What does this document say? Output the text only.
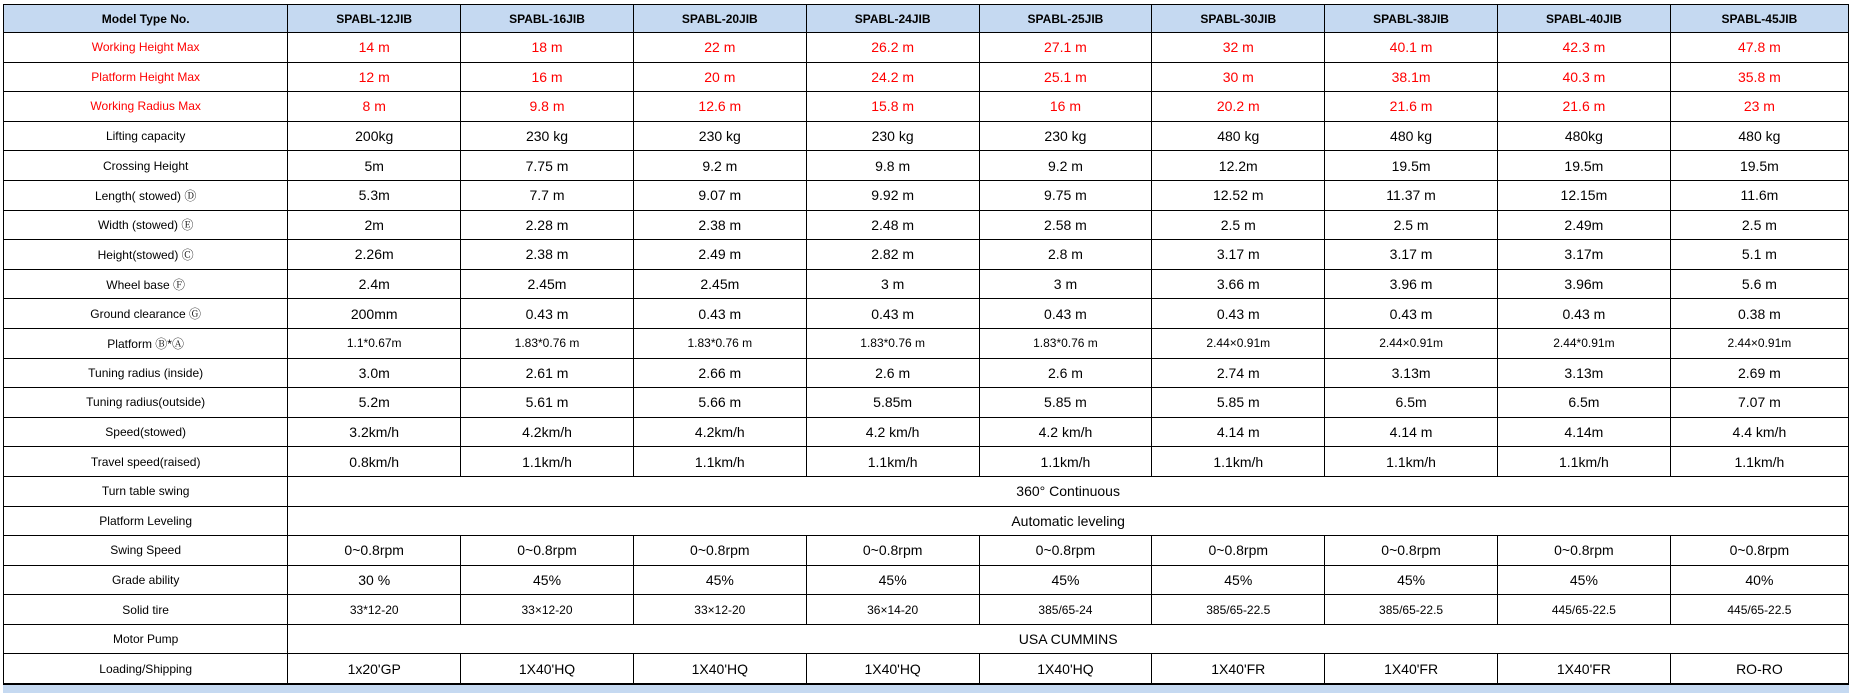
Model Type No.	SPABL-12JIB	SPABL-16JIB	SPABL-20JIB	SPABL-24JIB	SPABL-25JIB	SPABL-30JIB	SPABL-38JIB	SPABL-40JIB	SPABL-45JIB
Working Height Max	14 m	18 m	22 m	26.2 m	27.1 m	32 m	40.1 m	42.3 m	47.8 m
Platform Height Max	12 m	16 m	20 m	24.2 m	25.1 m	30 m	38.1m	40.3 m	35.8 m
Working Radius Max	8 m	9.8 m	12.6 m	15.8 m	16 m	20.2 m	21.6 m	21.6 m	23 m
Lifting capacity	200kg	230 kg	230 kg	230 kg	230 kg	480 kg	480 kg	480kg	480 kg
Crossing Height	5m	7.75 m	9.2 m	9.8 m	9.2 m	12.2m	19.5m	19.5m	19.5m
Length( stowed) Ⓓ	5.3m	7.7 m	9.07 m	9.92 m	9.75 m	12.52 m	11.37 m	12.15m	11.6m
Width (stowed) Ⓔ	2m	2.28 m	2.38 m	2.48 m	2.58 m	2.5 m	2.5 m	2.49m	2.5 m
Height(stowed) Ⓒ	2.26m	2.38 m	2.49 m	2.82 m	2.8 m	3.17 m	3.17 m	3.17m	5.1 m
Wheel base Ⓕ	2.4m	2.45m	2.45m	3 m	3 m	3.66 m	3.96 m	3.96m	5.6 m
Ground clearance Ⓖ	200mm	0.43 m	0.43 m	0.43 m	0.43 m	0.43 m	0.43 m	0.43 m	0.38 m
Platform Ⓑ*Ⓐ	1.1*0.67m	1.83*0.76 m	1.83*0.76 m	1.83*0.76 m	1.83*0.76 m	2.44×0.91m	2.44×0.91m	2.44*0.91m	2.44×0.91m
Tuning radius (inside)	3.0m	2.61 m	2.66 m	2.6 m	2.6 m	2.74 m	3.13m	3.13m	2.69 m
Tuning radius(outside)	5.2m	5.61 m	5.66 m	5.85m	5.85 m	5.85 m	6.5m	6.5m	7.07 m
Speed(stowed)	3.2km/h	4.2km/h	4.2km/h	4.2 km/h	4.2 km/h	4.14 m	4.14 m	4.14m	4.4 km/h
Travel speed(raised)	0.8km/h	1.1km/h	1.1km/h	1.1km/h	1.1km/h	1.1km/h	1.1km/h	1.1km/h	1.1km/h
Turn table swing	360° Continuous								
Platform Leveling	Automatic leveling								
Swing Speed	0~0.8rpm	0~0.8rpm	0~0.8rpm	0~0.8rpm	0~0.8rpm	0~0.8rpm	0~0.8rpm	0~0.8rpm	0~0.8rpm
Grade ability	30 %	45%	45%	45%	45%	45%	45%	45%	40%
Solid tire	33*12-20	33×12-20	33×12-20	36×14-20	385/65-24	385/65-22.5	385/65-22.5	445/65-22.5	445/65-22.5
Motor Pump	USA CUMMINS								
Loading/Shipping	1x20'GP	1X40'HQ	1X40'HQ	1X40'HQ	1X40'HQ	1X40'FR	1X40'FR	1X40'FR	RO-RO
